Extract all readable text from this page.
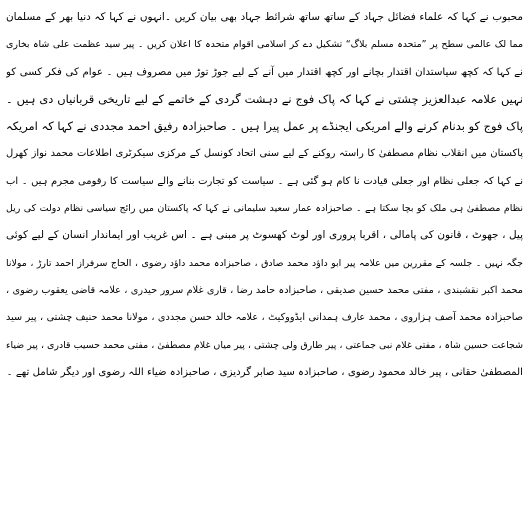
محبوب نے کہا کہ علماء فضائل جہاد کے ساتھ ساتھ شرائط جہاد بھی بیان کریں ۔انہوں نے کہا کہ دنیا بھر کے مسلمان
مما لک عالمی سطح پر ”متحدہ مسلم بلاگ“ تشکیل دے کر اسلامی اقوام متحدہ کا اعلان کریں ۔ پیر سید عظمت علی شاہ بخاری
نے کہا کہ کچھ سیاستدان اقتدار بچانے اور کچھ اقتدار میں آنے کے لیے جوڑ توڑ میں مصروف ہیں ۔ عوام کی فکر کسی کو
نہیں علامہ عبدالعزیز چشتی نے کہا کہ پاک فوج نے دہشت گردی کے خاتمے کے لیے تاریخی قربانیاں دی ہیں ۔
پاک فوج کو بدنام کرنے والے امریکی ایجنڈے پر عمل پیرا ہیں ۔ صاحبزادہ رفیق احمد مجددی نے کہا کہ امریکہ
پاکستان میں انقلاب نظام مصطفیٰ کا راستہ روکنے کے لیے سنی اتحاد کونسل کے مرکزی سیکرٹری اطلاعات محمد نواز کھرل
نے کہا کہ جعلی نظام اور جعلی قیادت نا کام ہو گئی ہے ۔ سیاست کو تجارت بنانے والے سیاست کا رقومی مجرم ہیں ۔ اب
نظام مصطفیٰ ہی ملک کو بچا سکتا ہے ۔ صاحبزادہ عمار سعید سلیمانی نے کہا کہ پاکستان میں رائج سیاسی نظام دولت کی ریل
پیل ، جھوٹ ، قانون کی پامالی ، اقربا پروری اور لوٹ کھسوٹ پر مبنی ہے ۔ اس غریب اور ایماندار انسان کے لیے کوئی
جگہ نہیں ۔ جلسہ کے مقررین میں علامہ پیر ابو داؤد محمد صادق ، صاحبزادہ محمد داؤد رضوی ، الحاج سرفراز احمد تارڑ ، مولانا
محمد اکبر نقشبندی ، مفتی محمد حسین صدیقی ، صاحبزادہ حامد رضا ، قاری غلام سرور حیدری ، علامہ قاضی یعقوب رضوی ،
صاحبزادہ محمد آصف ہزاروی ، محمد عارف ہمدانی ایڈووکیٹ ، علامہ خالد حسن مجددی ، مولانا محمد حنیف چشتی ، پیر سید
شجاعت حسین شاہ ، مفتی غلام نبی جماعتی ، پیر طارق ولی چشتی ، پیر میاں غلام مصطفیٰ ، مفتی محمد حسیب قادری ، پیر ضیاء
المصطفیٰ حقانی ، پیر خالد محمود رضوی ، صاحبزادہ سید صابر گردیزی ، صاحبزادہ ضیاء اللہ رضوی اور دیگر شامل تھے ۔
